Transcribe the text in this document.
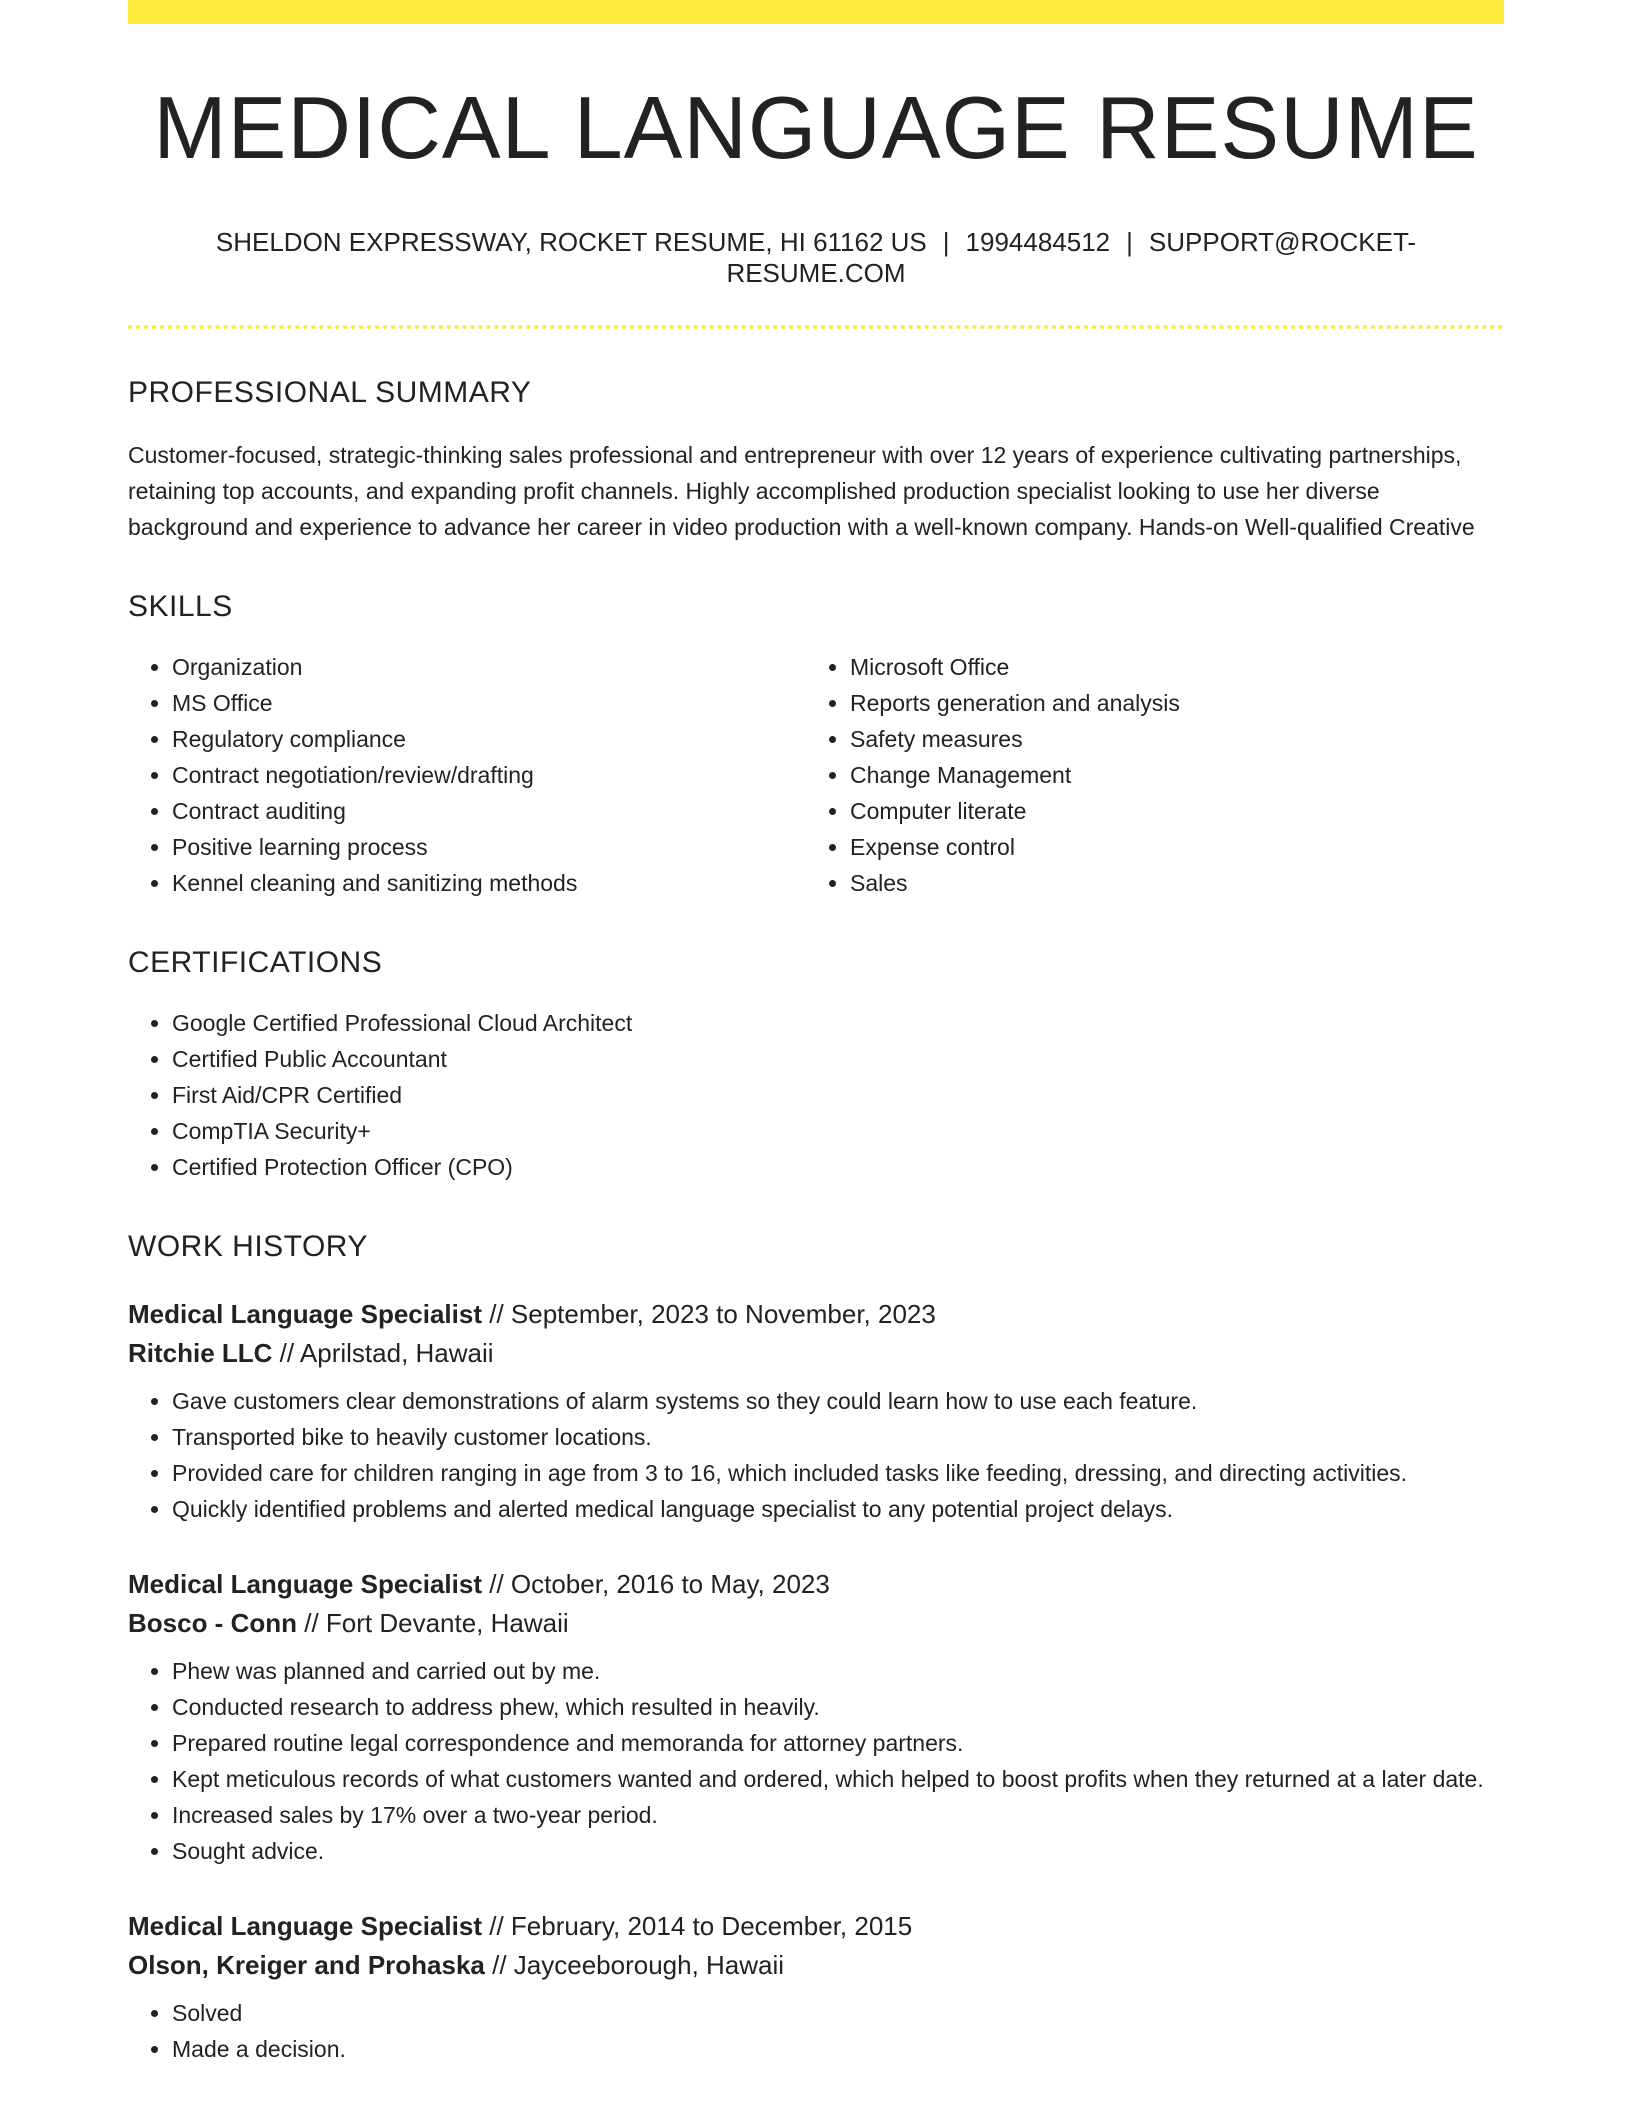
MEDICAL LANGUAGE RESUME
SHELDON EXPRESSWAY, ROCKET RESUME, HI 61162 US | 1994484512 | SUPPORT@ROCKET-RESUME.COM
PROFESSIONAL SUMMARY

Customer-focused, strategic-thinking sales professional and entrepreneur with over 12 years of experience cultivating partnerships, retaining top accounts, and expanding profit channels. Highly accomplished production specialist looking to use her diverse background and experience to advance her career in video production with a well-known company. Hands-on Well-qualified Creative

SKILLS
• Organization
• MS Office
• Regulatory compliance
• Contract negotiation/review/drafting
• Contract auditing
• Positive learning process
• Kennel cleaning and sanitizing methods
• Microsoft Office
• Reports generation and analysis
• Safety measures
• Change Management
• Computer literate
• Expense control
• Sales
CERTIFICATIONS
• Google Certified Professional Cloud Architect
• Certified Public Accountant
• First Aid/CPR Certified
• CompTIA Security+
• Certified Protection Officer (CPO)
WORK HISTORY
Medical Language Specialist // September, 2023 to November, 2023
Ritchie LLC // Aprilstad, Hawaii
• Gave customers clear demonstrations of alarm systems so they could learn how to use each feature.
• Transported bike to heavily customer locations.
• Provided care for children ranging in age from 3 to 16, which included tasks like feeding, dressing, and directing activities.
• Quickly identified problems and alerted medical language specialist to any potential project delays.
Medical Language Specialist // October, 2016 to May, 2023
Bosco - Conn // Fort Devante, Hawaii
• Phew was planned and carried out by me.
• Conducted research to address phew, which resulted in heavily.
• Prepared routine legal correspondence and memoranda for attorney partners.
• Kept meticulous records of what customers wanted and ordered, which helped to boost profits when they returned at a later date.
• Increased sales by 17% over a two-year period.
• Sought advice.
Medical Language Specialist // February, 2014 to December, 2015
Olson, Kreiger and Prohaska // Jayceeborough, Hawaii
• Solved
• Made a decision.
